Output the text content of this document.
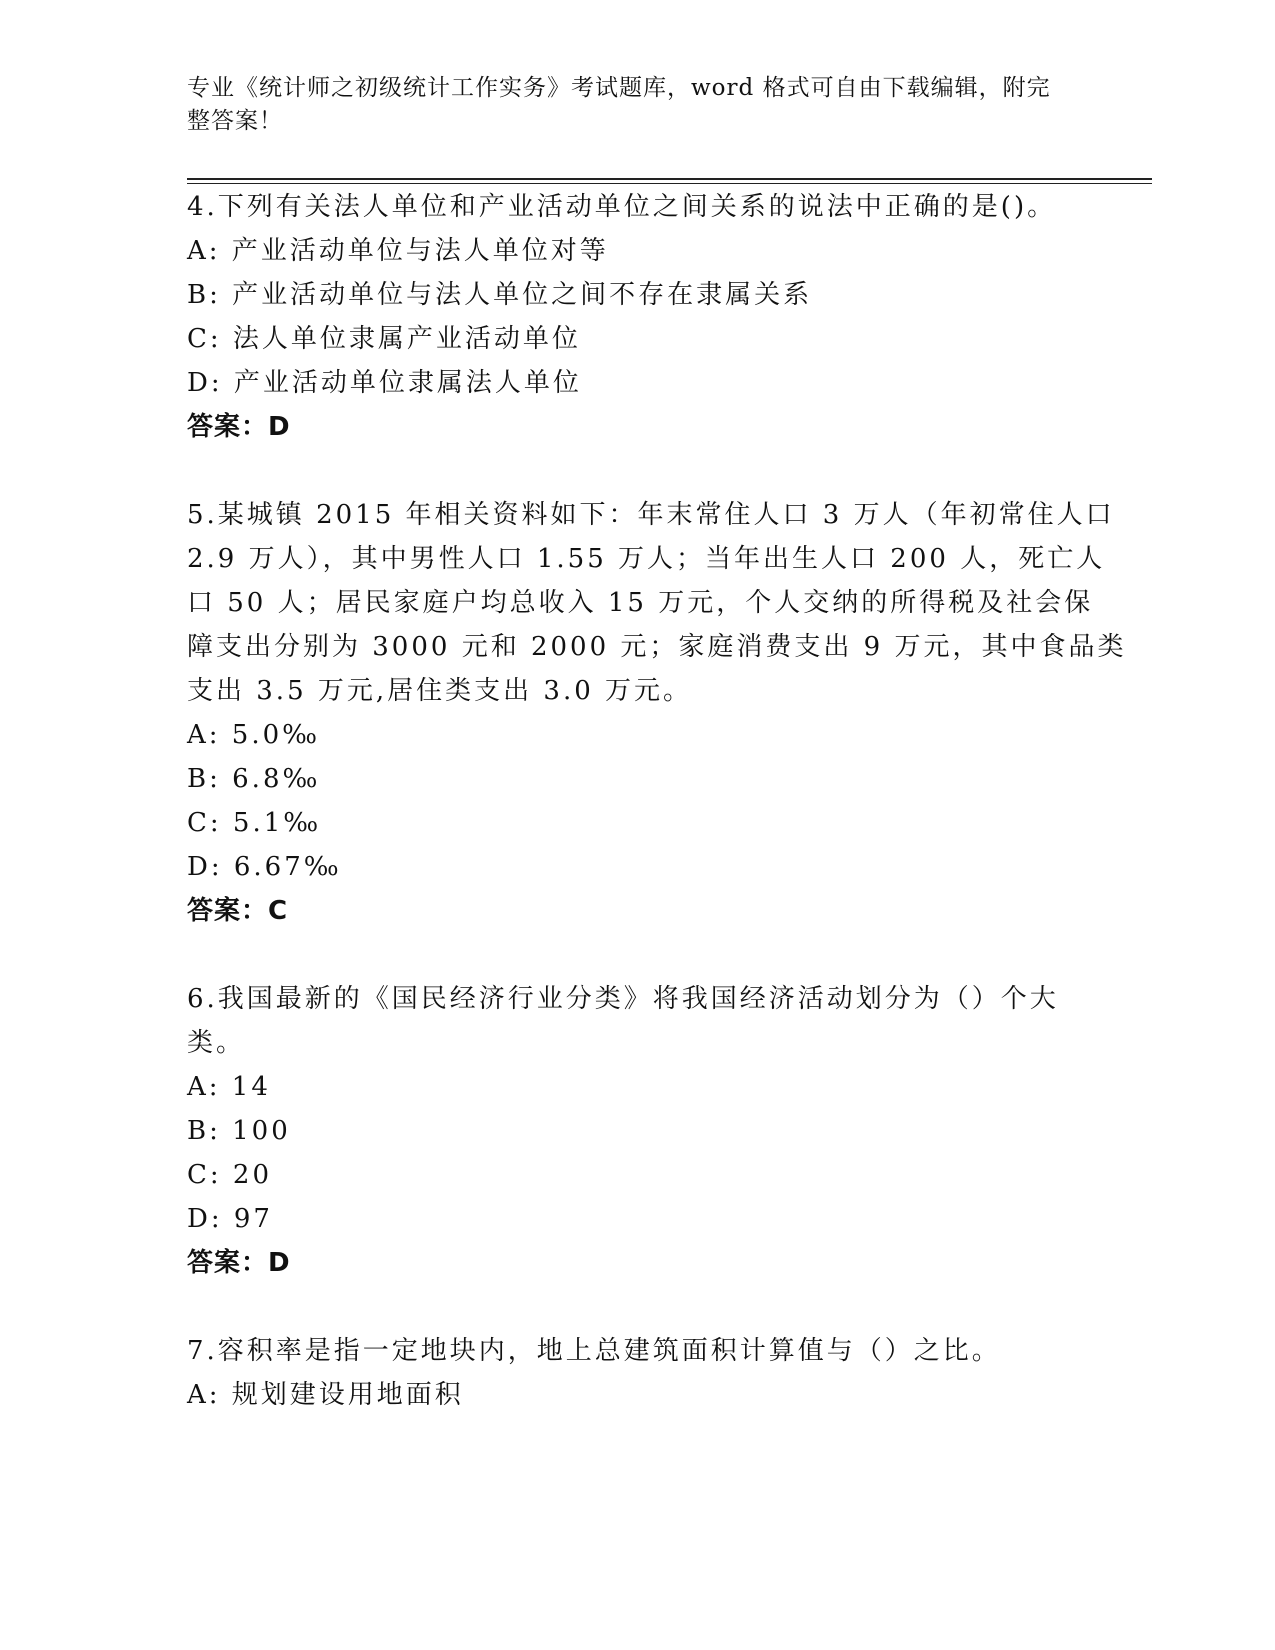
专业《统计师之初级统计工作实务》考试题库，word 格式可自由下载编辑，附完
整答案！
4.下列有关法人单位和产业活动单位之间关系的说法中正确的是()。
A: 产业活动单位与法人单位对等
B: 产业活动单位与法人单位之间不存在隶属关系
C: 法人单位隶属产业活动单位
D: 产业活动单位隶属法人单位
答案：D
5.某城镇 2015 年相关资料如下：年末常住人口 3 万人（年初常住人口
2.9 万人），其中男性人口 1.55 万人；当年出生人口 200 人，死亡人
口 50 人；居民家庭户均总收入 15 万元，个人交纳的所得税及社会保
障支出分别为 3000 元和 2000 元；家庭消费支出 9 万元，其中食品类
支出 3.5 万元,居住类支出 3.0 万元。
A: 5.0‰
B: 6.8‰
C: 5.1‰
D: 6.67‰
答案：C
6.我国最新的《国民经济行业分类》将我国经济活动划分为（）个大
类。
A: 14
B: 100
C: 20
D: 97
答案：D
7.容积率是指一定地块内，地上总建筑面积计算值与（）之比。
A: 规划建设用地面积
